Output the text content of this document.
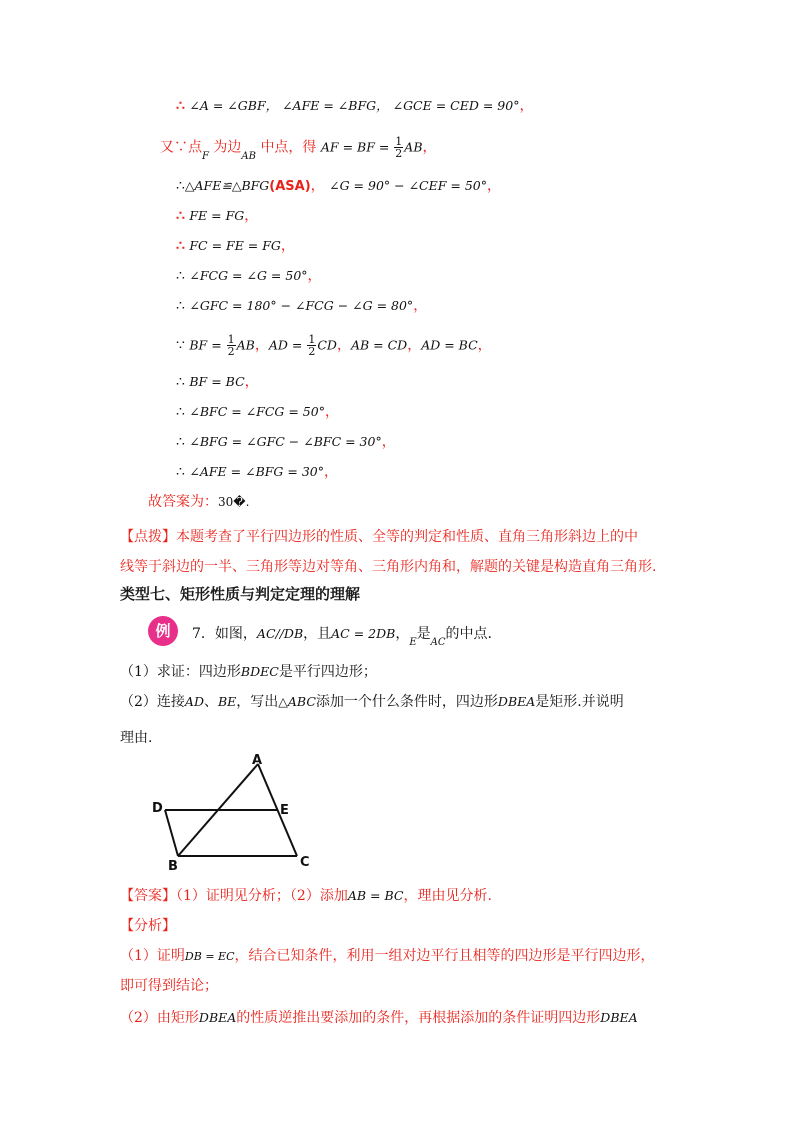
∴ ∠A = ∠GBF， ∠AFE = ∠BFG， ∠GCE = CED = 90°，
又∵点$_F$ 为边$_{AB}$ 中点，得 AF = BF = $\frac{1}{2}$ AB，
∴△AFE≌△BFG(ASA)， ∠G = 90° − ∠CEF = 50°，
∴ FE = FG，
∴ FC = FE = FG，
∴ ∠FCG = ∠G = 50°，
∴ ∠GFC = 180° − ∠FCG − ∠G = 80°，
∵ BF = $\frac{1}{2}$ AB，AD = $\frac{1}{2}$ CD，AB = CD，AD = BC，
∴ BF = BC，
∴ ∠BFC = ∠FCG = 50°，
∴ ∠BFG = ∠GFC − ∠BFC = 30°，
∴ ∠AFE = ∠BFG = 30°，
故答案为：30�.
【点拨】本题考查了平行四边形的性质、全等的判定和性质、直角三角形斜边上的中
线等于斜边的一半、三角形等边对等角、三角形内角和，解题的关键是构造直角三角形.
类型七、矩形性质与判定定理的理解
例	7．如图，AC//DB，且AC = 2DB，$_E$是$_{AC}$的中点.
（1）求证：四边形BDEC是平行四边形；
（2）连接AD、BE，写出△ABC添加一个什么条件时，四边形DBEA是矩形.并说明
理由.
A
D	E
B	C
【答案】（1）证明见分析；（2）添加AB = BC，理由见分析.
【分析】
（1）证明DB = EC，结合已知条件，利用一组对边平行且相等的四边形是平行四边形，
即可得到结论；
（2）由矩形DBEA的性质逆推出要添加的条件，再根据添加的条件证明四边形DBEA
